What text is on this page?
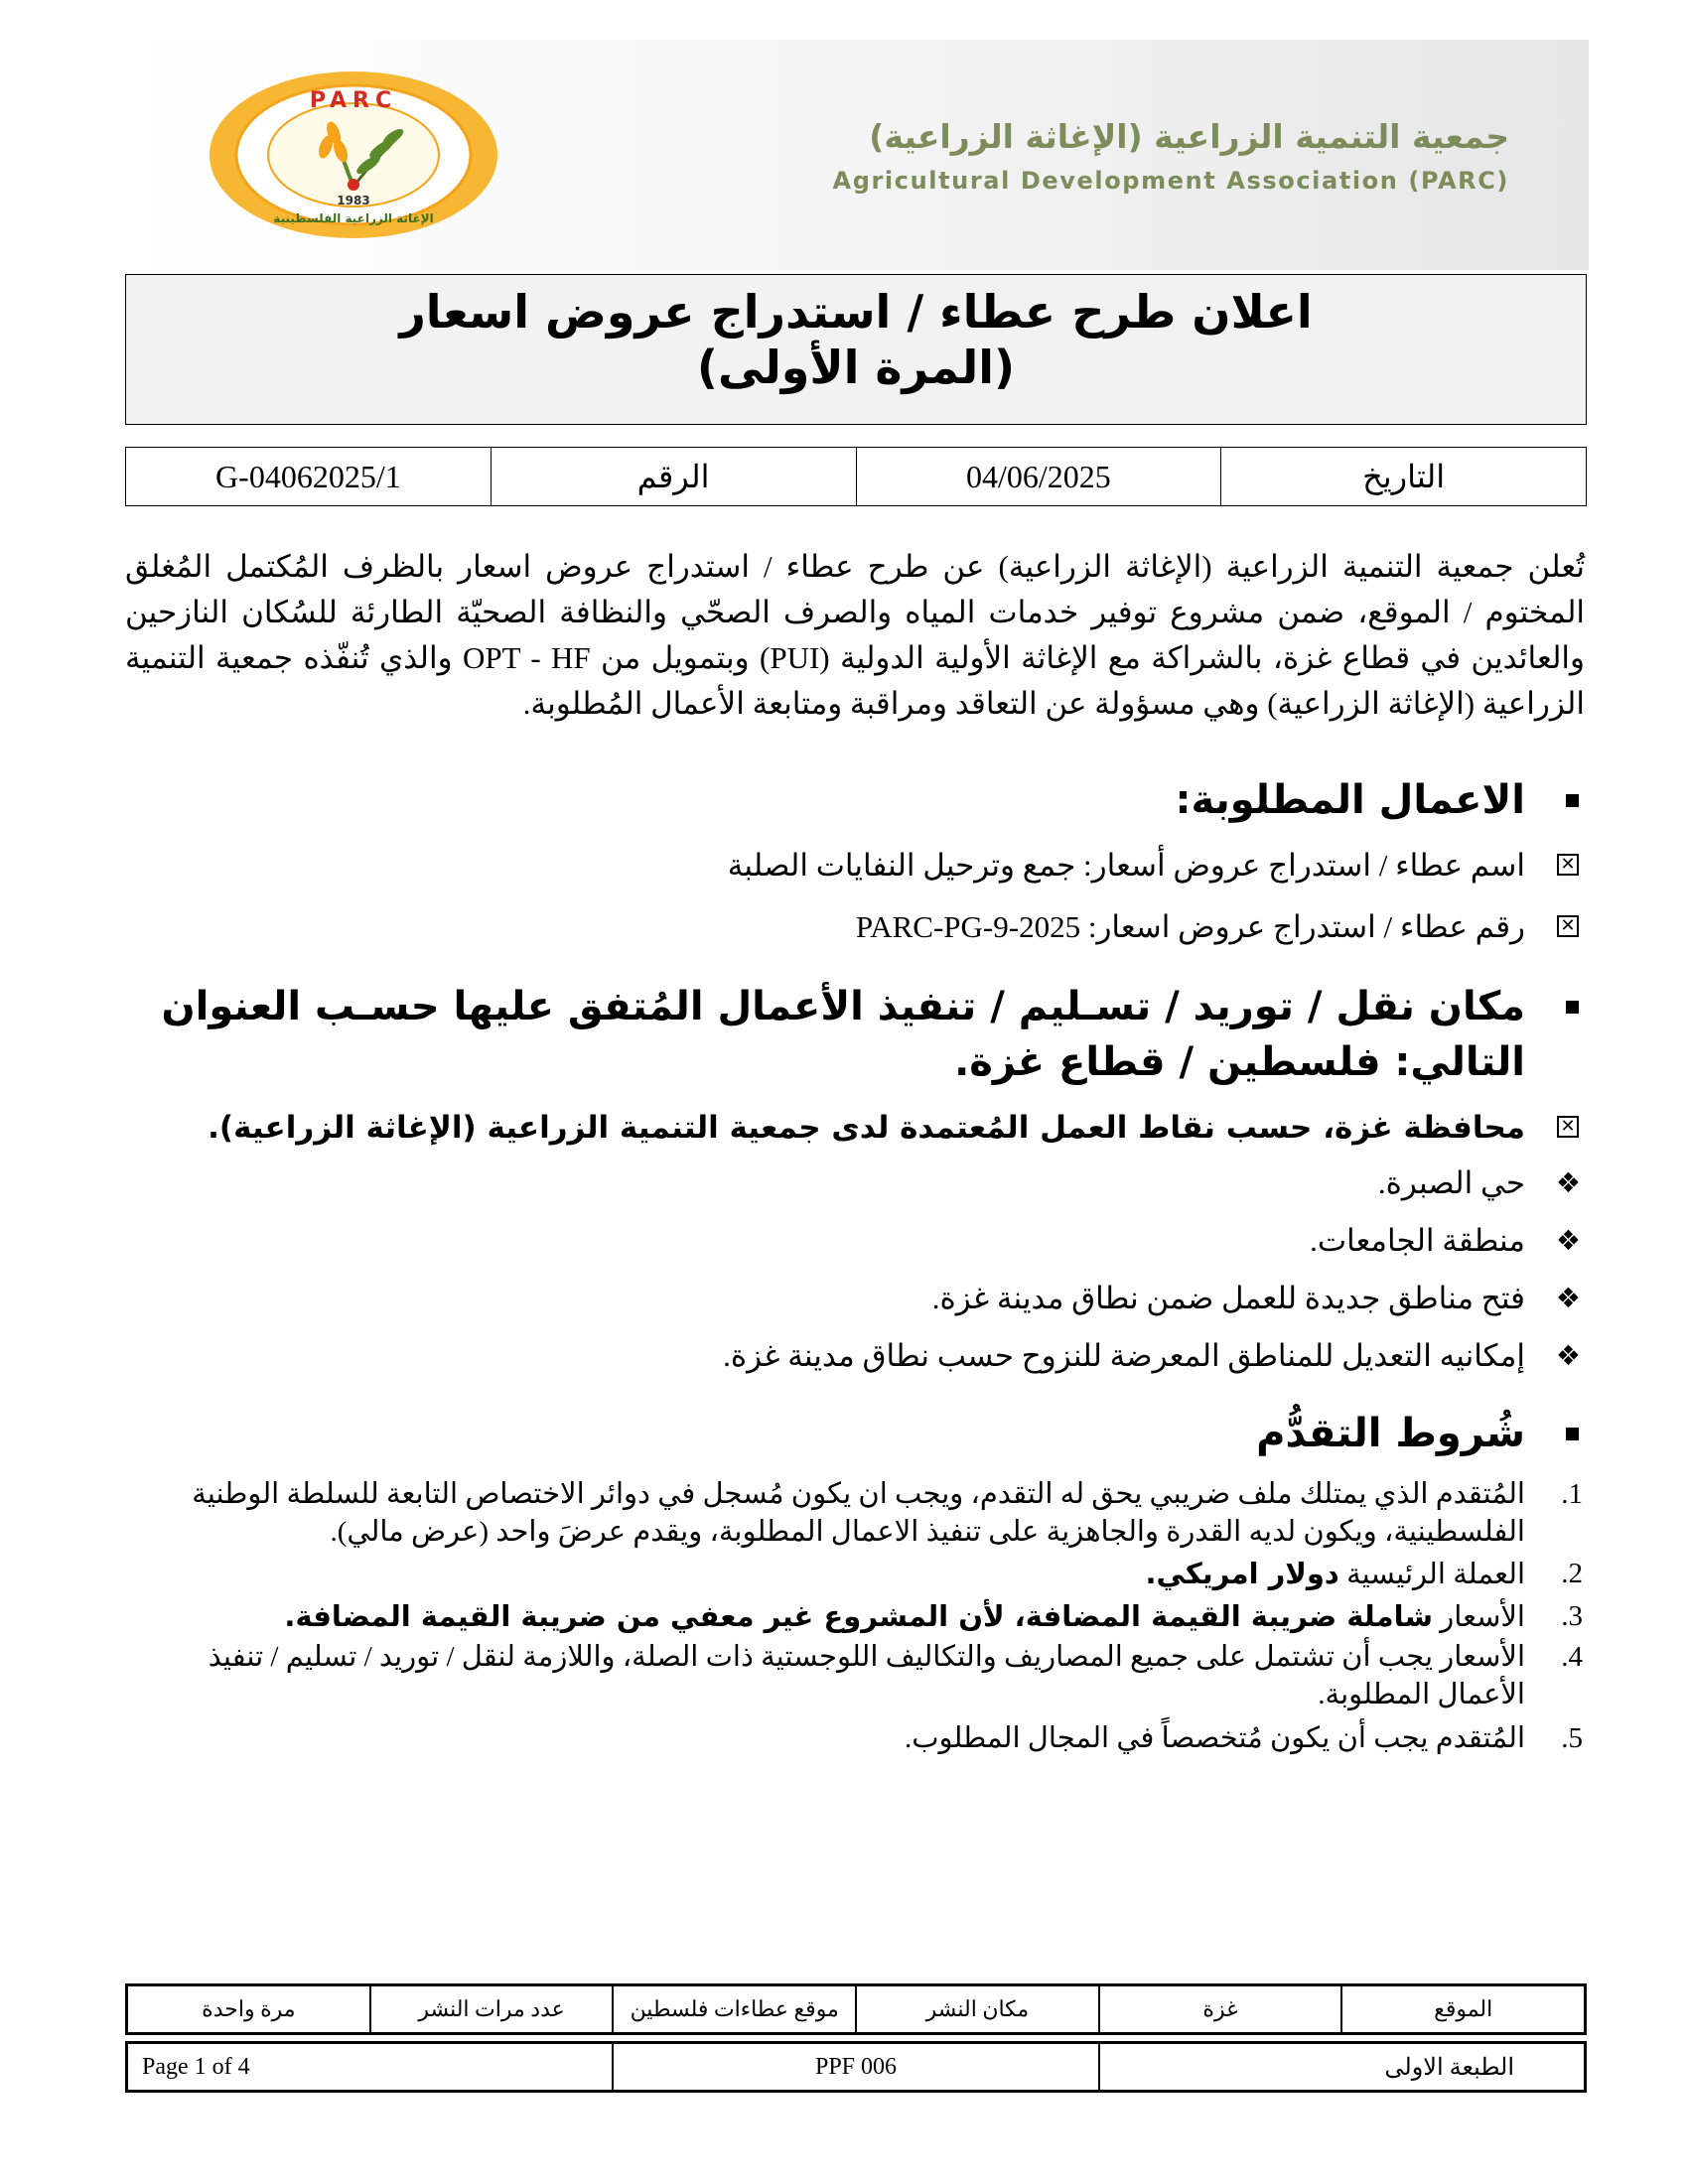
PARC
1983
الإغاثة الزراعية الفلسطينية
جمعية التنمية الزراعية (الإغاثة الزراعية)
Agricultural Development Association (PARC)
اعلان طرح عطاء / استدراج عروض اسعار
(المرة الأولى)
التاريخ	04/06/2025	الرقم	G-04062025/1

تُعلن جمعية التنمية الزراعية (الإغاثة الزراعية) عن طرح عطاء / استدراج عروض اسعار بالظرف المُكتمل المُغلق المختوم / الموقع، ضمن مشروع توفير خدمات المياه والصرف الصحّي والنظافة الصحيّة الطارئة للسُكان النازحين والعائدين في قطاع غزة، بالشراكة مع الإغاثة الأولية الدولية (PUI) وبتمويل من OPT - HF والذي تُنفّذه جمعية التنمية الزراعية (الإغاثة الزراعية) وهي مسؤولة عن التعاقد ومراقبة ومتابعة الأعمال المُطلوبة.

الاعمال المطلوبة:

✕
اسم عطاء / استدراج عروض أسعار: جمع وترحيل النفايات الصلبة

✕
رقم عطاء / استدراج عروض اسعار: PARC-PG-9-2025

مكان نقل / توريد / تسـليم / تنفيذ الأعمال المُتفق عليها حسـب العنوان التالي: فلسطين / قطاع غزة.

✕
محافظة غزة، حسب نقاط العمل المُعتمدة لدى جمعية التنمية الزراعية (الإغاثة الزراعية).

❖
حي الصبرة.

❖
منطقة الجامعات.

❖
فتح مناطق جديدة للعمل ضمن نطاق مدينة غزة.

❖
إمكانيه التعديل للمناطق المعرضة للنزوح حسب نطاق مدينة غزة.

شُروط التقدُّم

1.
المُتقدم الذي يمتلك ملف ضريبي يحق له التقدم، ويجب ان يكون مُسجل في دوائر الاختصاص التابعة للسلطة الوطنية الفلسطينية، ويكون لديه القدرة والجاهزية على تنفيذ الاعمال المطلوبة، ويقدم عرضَ واحد (عرض مالي).

2.
العملة الرئيسية دولار امريكي.

3.
الأسعار شاملة ضريبة القيمة المضافة، لأن المشروع غير معفي من ضريبة القيمة المضافة.

4.
الأسعار يجب أن تشتمل على جميع المصاريف والتكاليف اللوجستية ذات الصلة، واللازمة لنقل / توريد / تسليم / تنفيذ الأعمال المطلوبة.

5.
المُتقدم يجب أن يكون مُتخصصاً في المجال المطلوب.

الموقع	غزة	مكان النشر	موقع عطاءات فلسطين	عدد مرات النشر	مرة واحدة
الطبعة الاولى	PPF 006	Page 1 of 4
